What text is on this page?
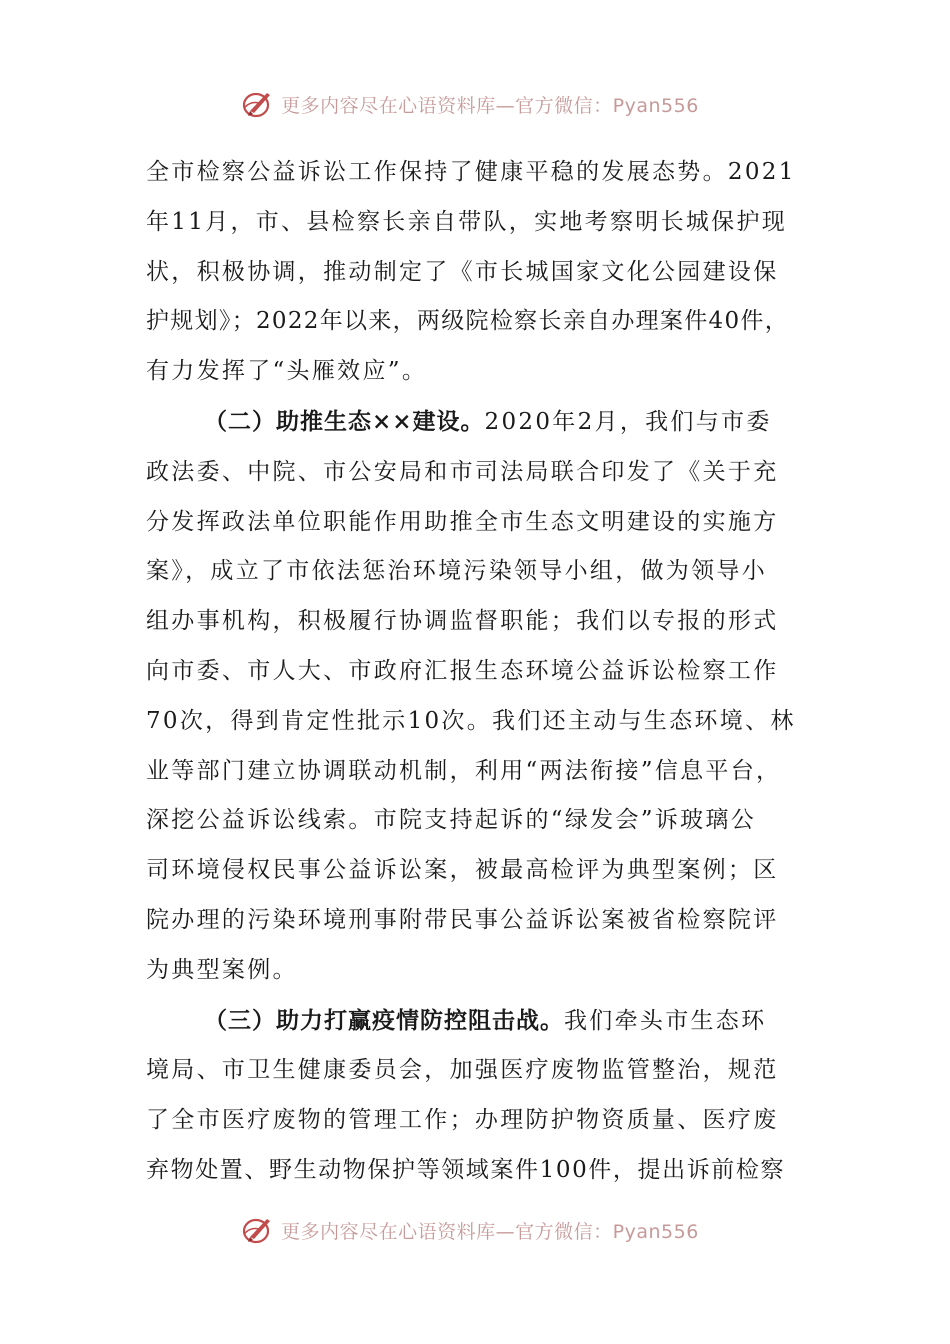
更多内容尽在心语资料库—官方微信：Pyan556

全市检察公益诉讼工作保持了健康平稳的发展态势。2021
年11月，市、县检察长亲自带队，实地考察明长城保护现
状，积极协调，推动制定了《市长城国家文化公园建设保
护规划》；2022年以来，两级院检察长亲自办理案件40件，
有力发挥了“头雁效应”。

（二）助推生态××建设。2020年2月，我们与市委
政法委、中院、市公安局和市司法局联合印发了《关于充
分发挥政法单位职能作用助推全市生态文明建设的实施方
案》，成立了市依法惩治环境污染领导小组，做为领导小
组办事机构，积极履行协调监督职能；我们以专报的形式
向市委、市人大、市政府汇报生态环境公益诉讼检察工作
70次，得到肯定性批示10次。我们还主动与生态环境、林
业等部门建立协调联动机制，利用“两法衔接”信息平台，
深挖公益诉讼线索。市院支持起诉的“绿发会”诉玻璃公
司环境侵权民事公益诉讼案，被最高检评为典型案例；区
院办理的污染环境刑事附带民事公益诉讼案被省检察院评
为典型案例。

（三）助力打赢疫情防控阻击战。我们牵头市生态环
境局、市卫生健康委员会，加强医疗废物监管整治，规范
了全市医疗废物的管理工作；办理防护物资质量、医疗废
弃物处置、野生动物保护等领域案件100件，提出诉前检察

更多内容尽在心语资料库—官方微信：Pyan556
